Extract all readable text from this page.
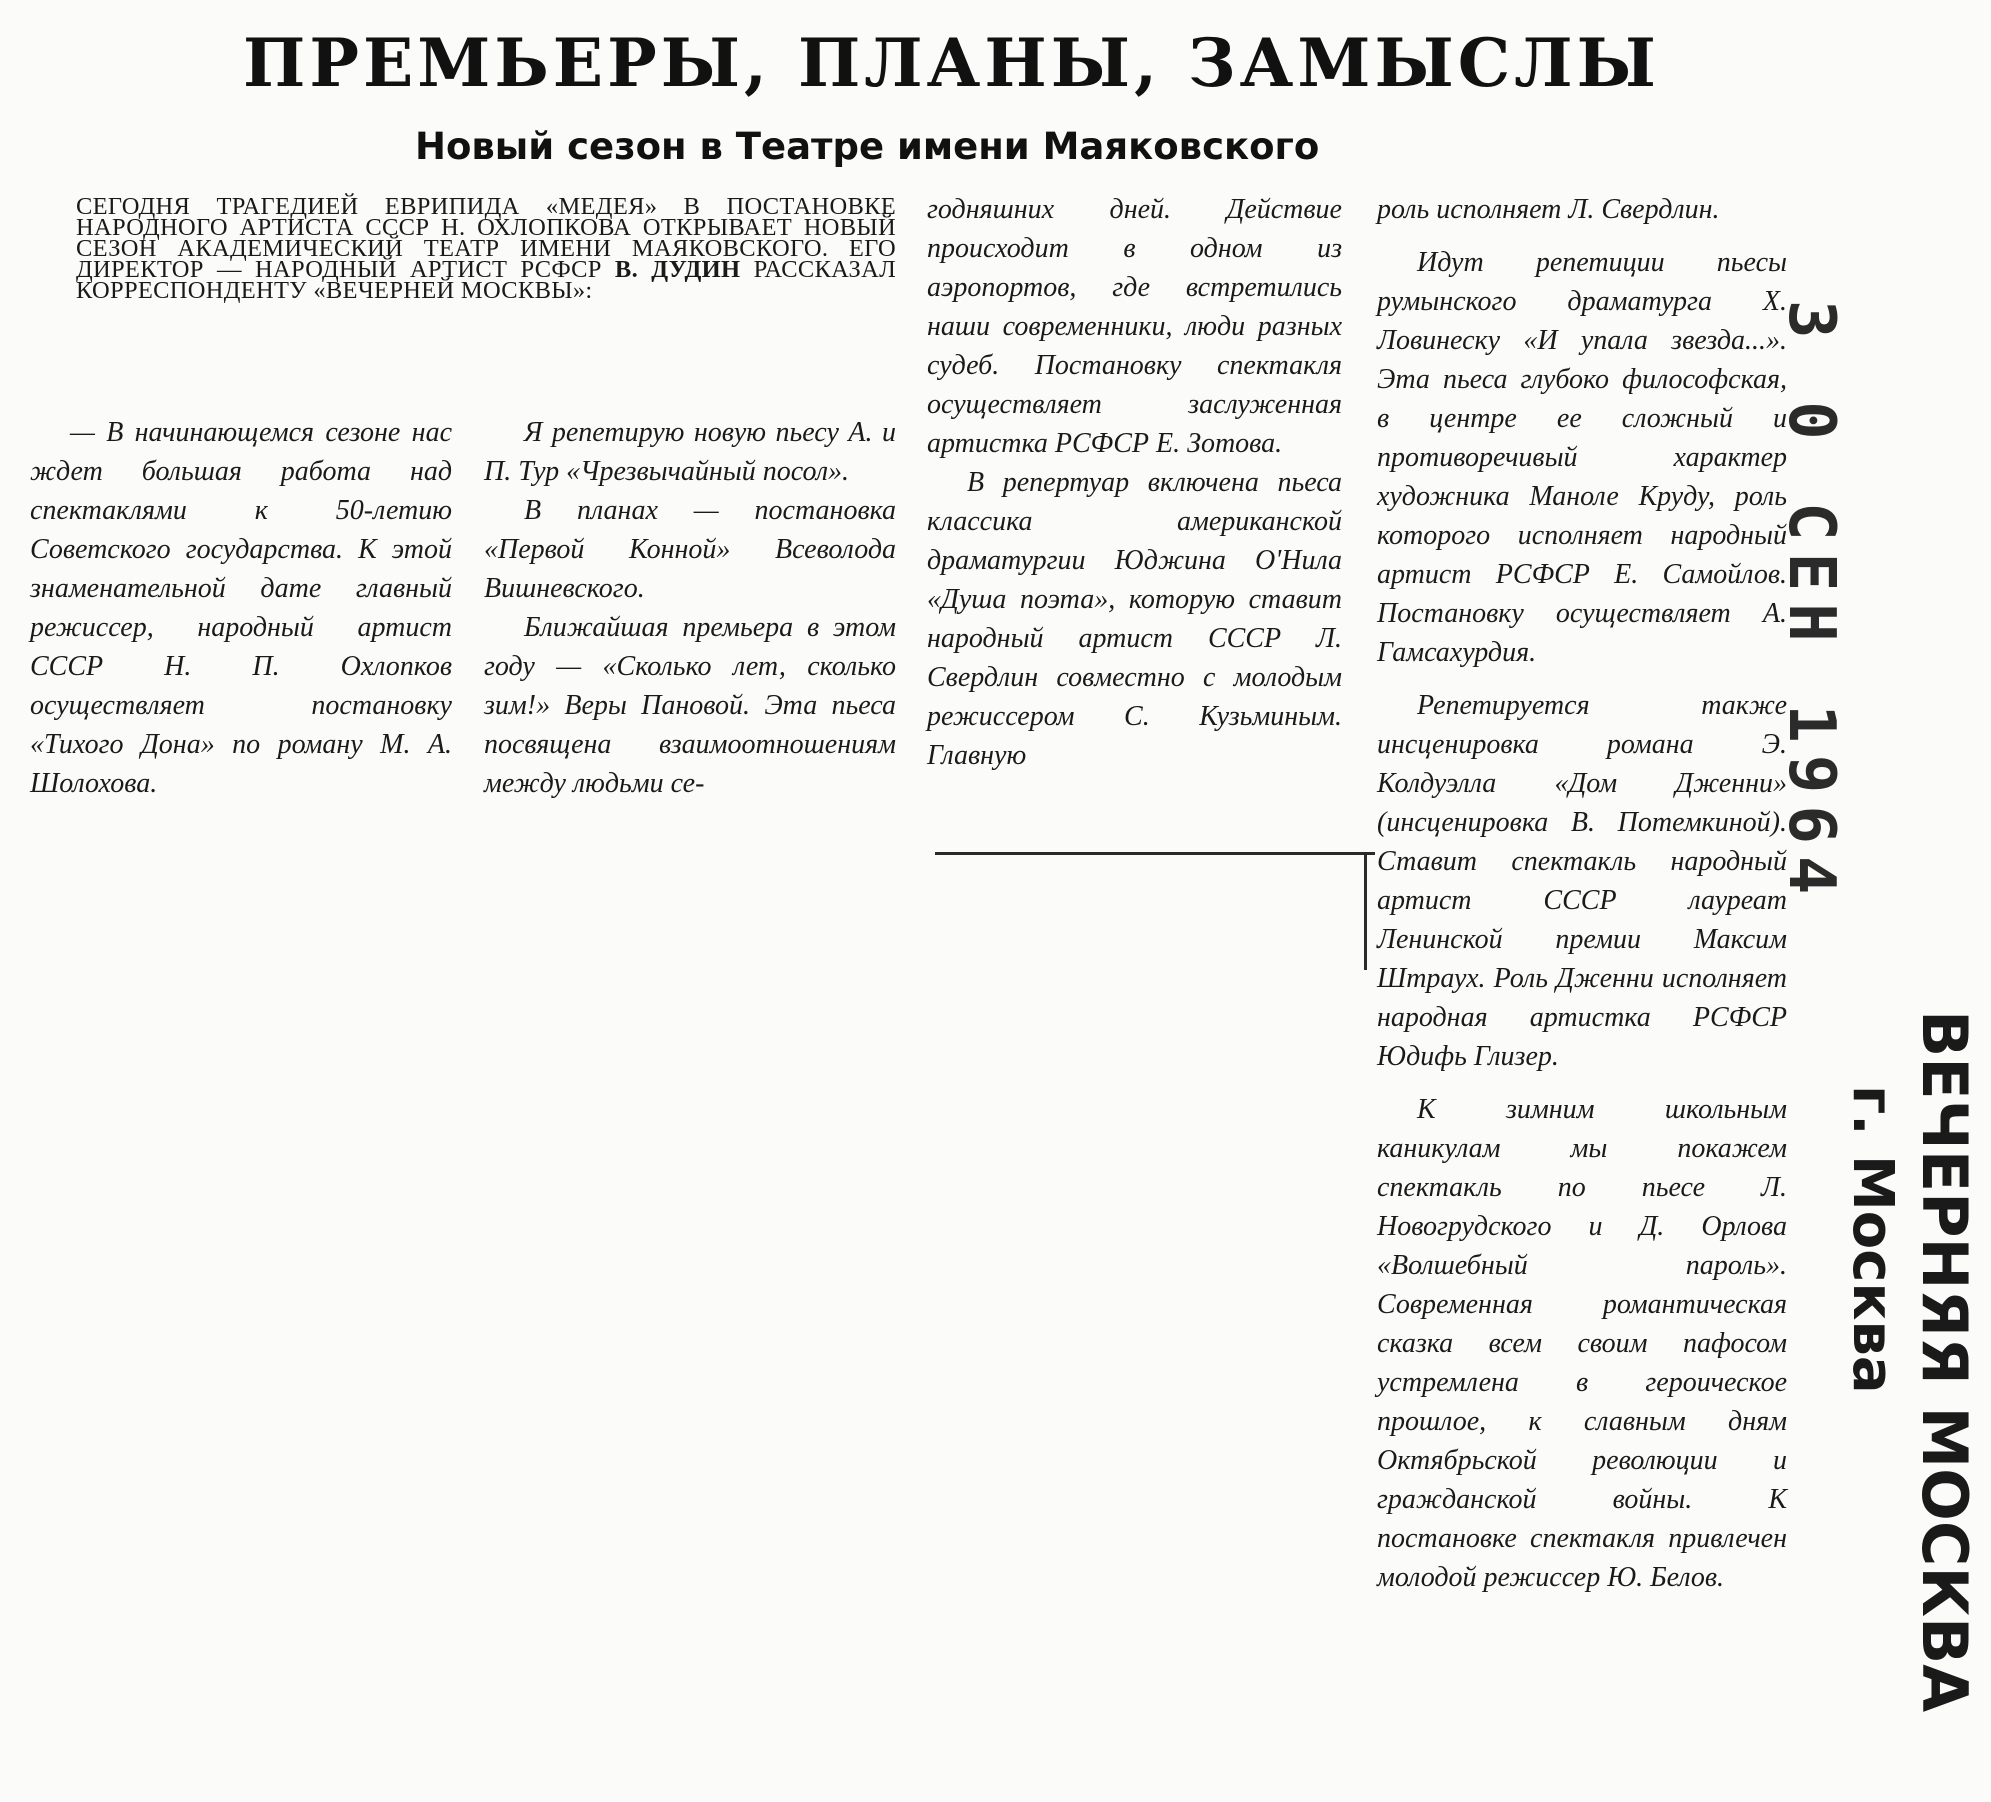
ПРЕМЬЕРЫ, ПЛАНЫ, ЗАМЫСЛЫ
Новый сезон в Театре имени Маяковского
СЕГОДНЯ ТРАГЕДИЕЙ ЕВРИПИДА «МЕДЕЯ» В ПОСТАНОВКЕ НАРОДНОГО АРТИСТА СССР Н. ОХЛОПКОВА ОТКРЫВАЕТ НОВЫЙ СЕЗОН АКАДЕМИЧЕСКИЙ ТЕАТР ИМЕНИ МАЯКОВСКОГО. ЕГО ДИРЕКТОР — НАРОДНЫЙ АРТИСТ РСФСР В. ДУДИН РАССКАЗАЛ КОРРЕСПОНДЕНТУ «ВЕЧЕРНЕЙ МОСКВЫ»:

— В начинающемся сезоне нас ждет большая работа над спектаклями к 50-летию Советского государства. К этой знаменательной дате главный режиссер, народный артист СССР Н. П. Охлопков осуществляет постановку «Тихого Дона» по роману М. А. Шолохова.

Я репетирую новую пьесу А. и П. Тур «Чрезвычайный посол».

В планах — постановка «Первой Конной» Всеволода Вишневского.

Ближайшая премьера в этом году — «Сколько лет, сколько зим!» Веры Пановой. Эта пьеса посвящена взаимоотношениям между людьми се-

годняшних дней. Действие происходит в одном из аэропортов, где встретились наши современники, люди разных судеб. Постановку спектакля осуществляет заслуженная артистка РСФСР Е. Зотова.

В репертуар включена пьеса классика американской драматургии Юджина О'Нила «Душа поэта», которую ставит народный артист СССР Л. Свердлин совместно с молодым режиссером С. Кузьминым. Главную

роль исполняет Л. Свердлин.

Идут репетиции пьесы румынского драматурга Х. Ловинеску «И упала звезда...». Эта пьеса глубоко философская, в центре ее сложный и противоречивый характер художника Маноле Круду, роль которого исполняет народный артист РСФСР Е. Самойлов. Постановку осуществляет А. Гамсахурдия.

Репетируется также инсценировка романа Э. Колдуэлла «Дом Дженни» (инсценировка В. Потемкиной). Ставит спектакль народный артист СССР лауреат Ленинской премии Максим Штраух. Роль Дженни исполняет народная артистка РСФСР Юдифь Глизер.

К зимним школьным каникулам мы покажем спектакль по пьесе Л. Новогрудского и Д. Орлова «Волшебный пароль». Современная романтическая сказка всем своим пафосом устремлена в героическое прошлое, к славным дням Октябрьской революции и гражданской войны. К постановке спектакля привлечен молодой режиссер Ю. Белов.

3 0 СЕН 1964
ВЕЧЕРНЯЯ МОСКВА
г. Москва
